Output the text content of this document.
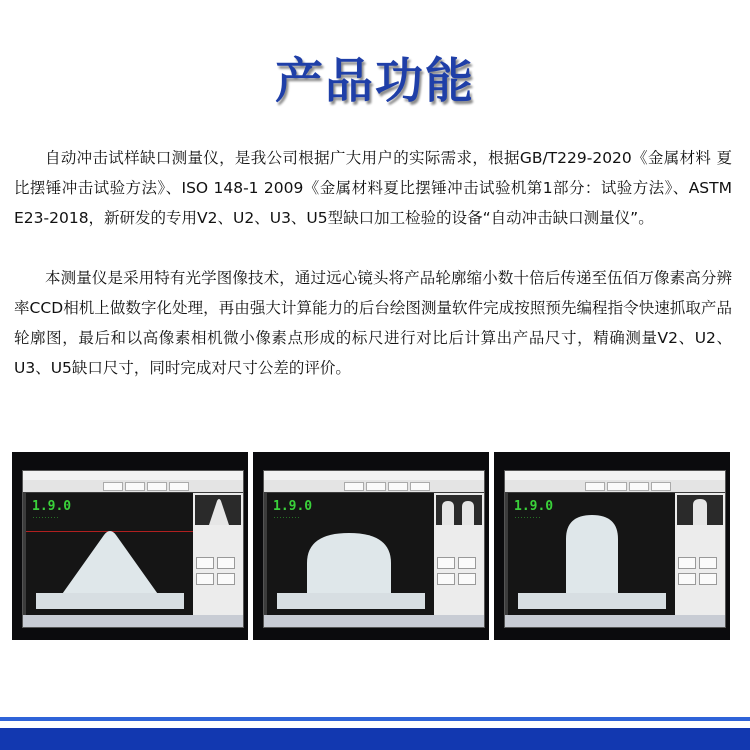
产品功能
自动冲击试样缺口测量仪，是我公司根据广大用户的实际需求，根据GB/T229-2020《金属材料 夏比摆锤冲击试验方法》、ISO 148-1 2009《金属材料夏比摆锤冲击试验机第1部分：试验方法》、ASTM E23-2018，新研发的专用V2、U2、U3、U5型缺口加工检验的设备“自动冲击缺口测量仪”。
本测量仪是采用特有光学图像技术，通过远心镜头将产品轮廓缩小数十倍后传递至伍佰万像素高分辨率CCD相机上做数字化处理，再由强大计算能力的后台绘图测量软件完成按照预先编程指令快速抓取产品轮廓图，最后和以高像素相机微小像素点形成的标尺进行对比后计算出产品尺寸，精确测量V2、U2、U3、U5缺口尺寸，同时完成对尺寸公差的评价。
1.9.0
.........
1.9.0
.........
1.9.0
.........
